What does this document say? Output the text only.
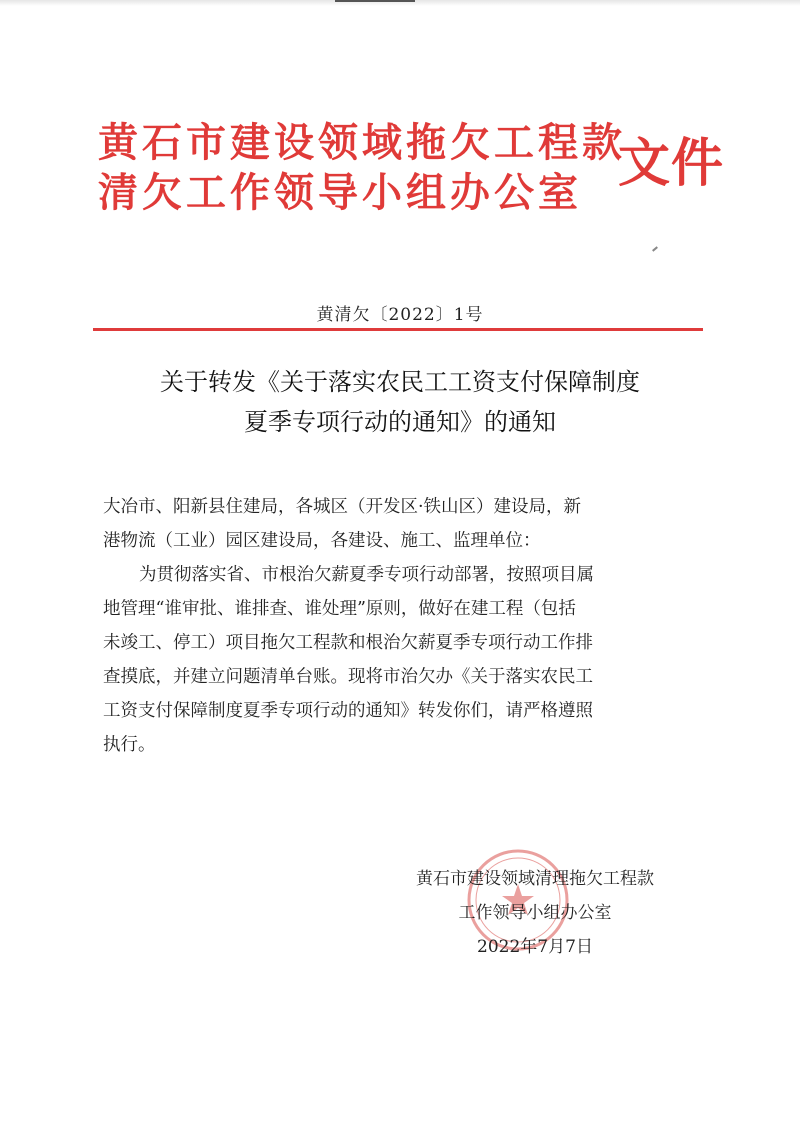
黄石市建设领域拖欠工程款
清欠工作领导小组办公室 文件
黄清欠〔2022〕1号
关于转发《关于落实农民工工资支付保障制度
夏季专项行动的通知》的通知
大冶市、阳新县住建局，各城区（开发区·铁山区）建设局，新
港物流（工业）园区建设局，各建设、施工、监理单位：
为贯彻落实省、市根治欠薪夏季专项行动部署，按照项目属
地管理“谁审批、谁排查、谁处理”原则，做好在建工程（包括
未竣工、停工）项目拖欠工程款和根治欠薪夏季专项行动工作排
查摸底，并建立问题清单台账。现将市治欠办《关于落实农民工
工资支付保障制度夏季专项行动的通知》转发你们，请严格遵照
执行。
黄石市建设领域清理拖欠工程款
工作领导小组办公室
2022年7月7日
